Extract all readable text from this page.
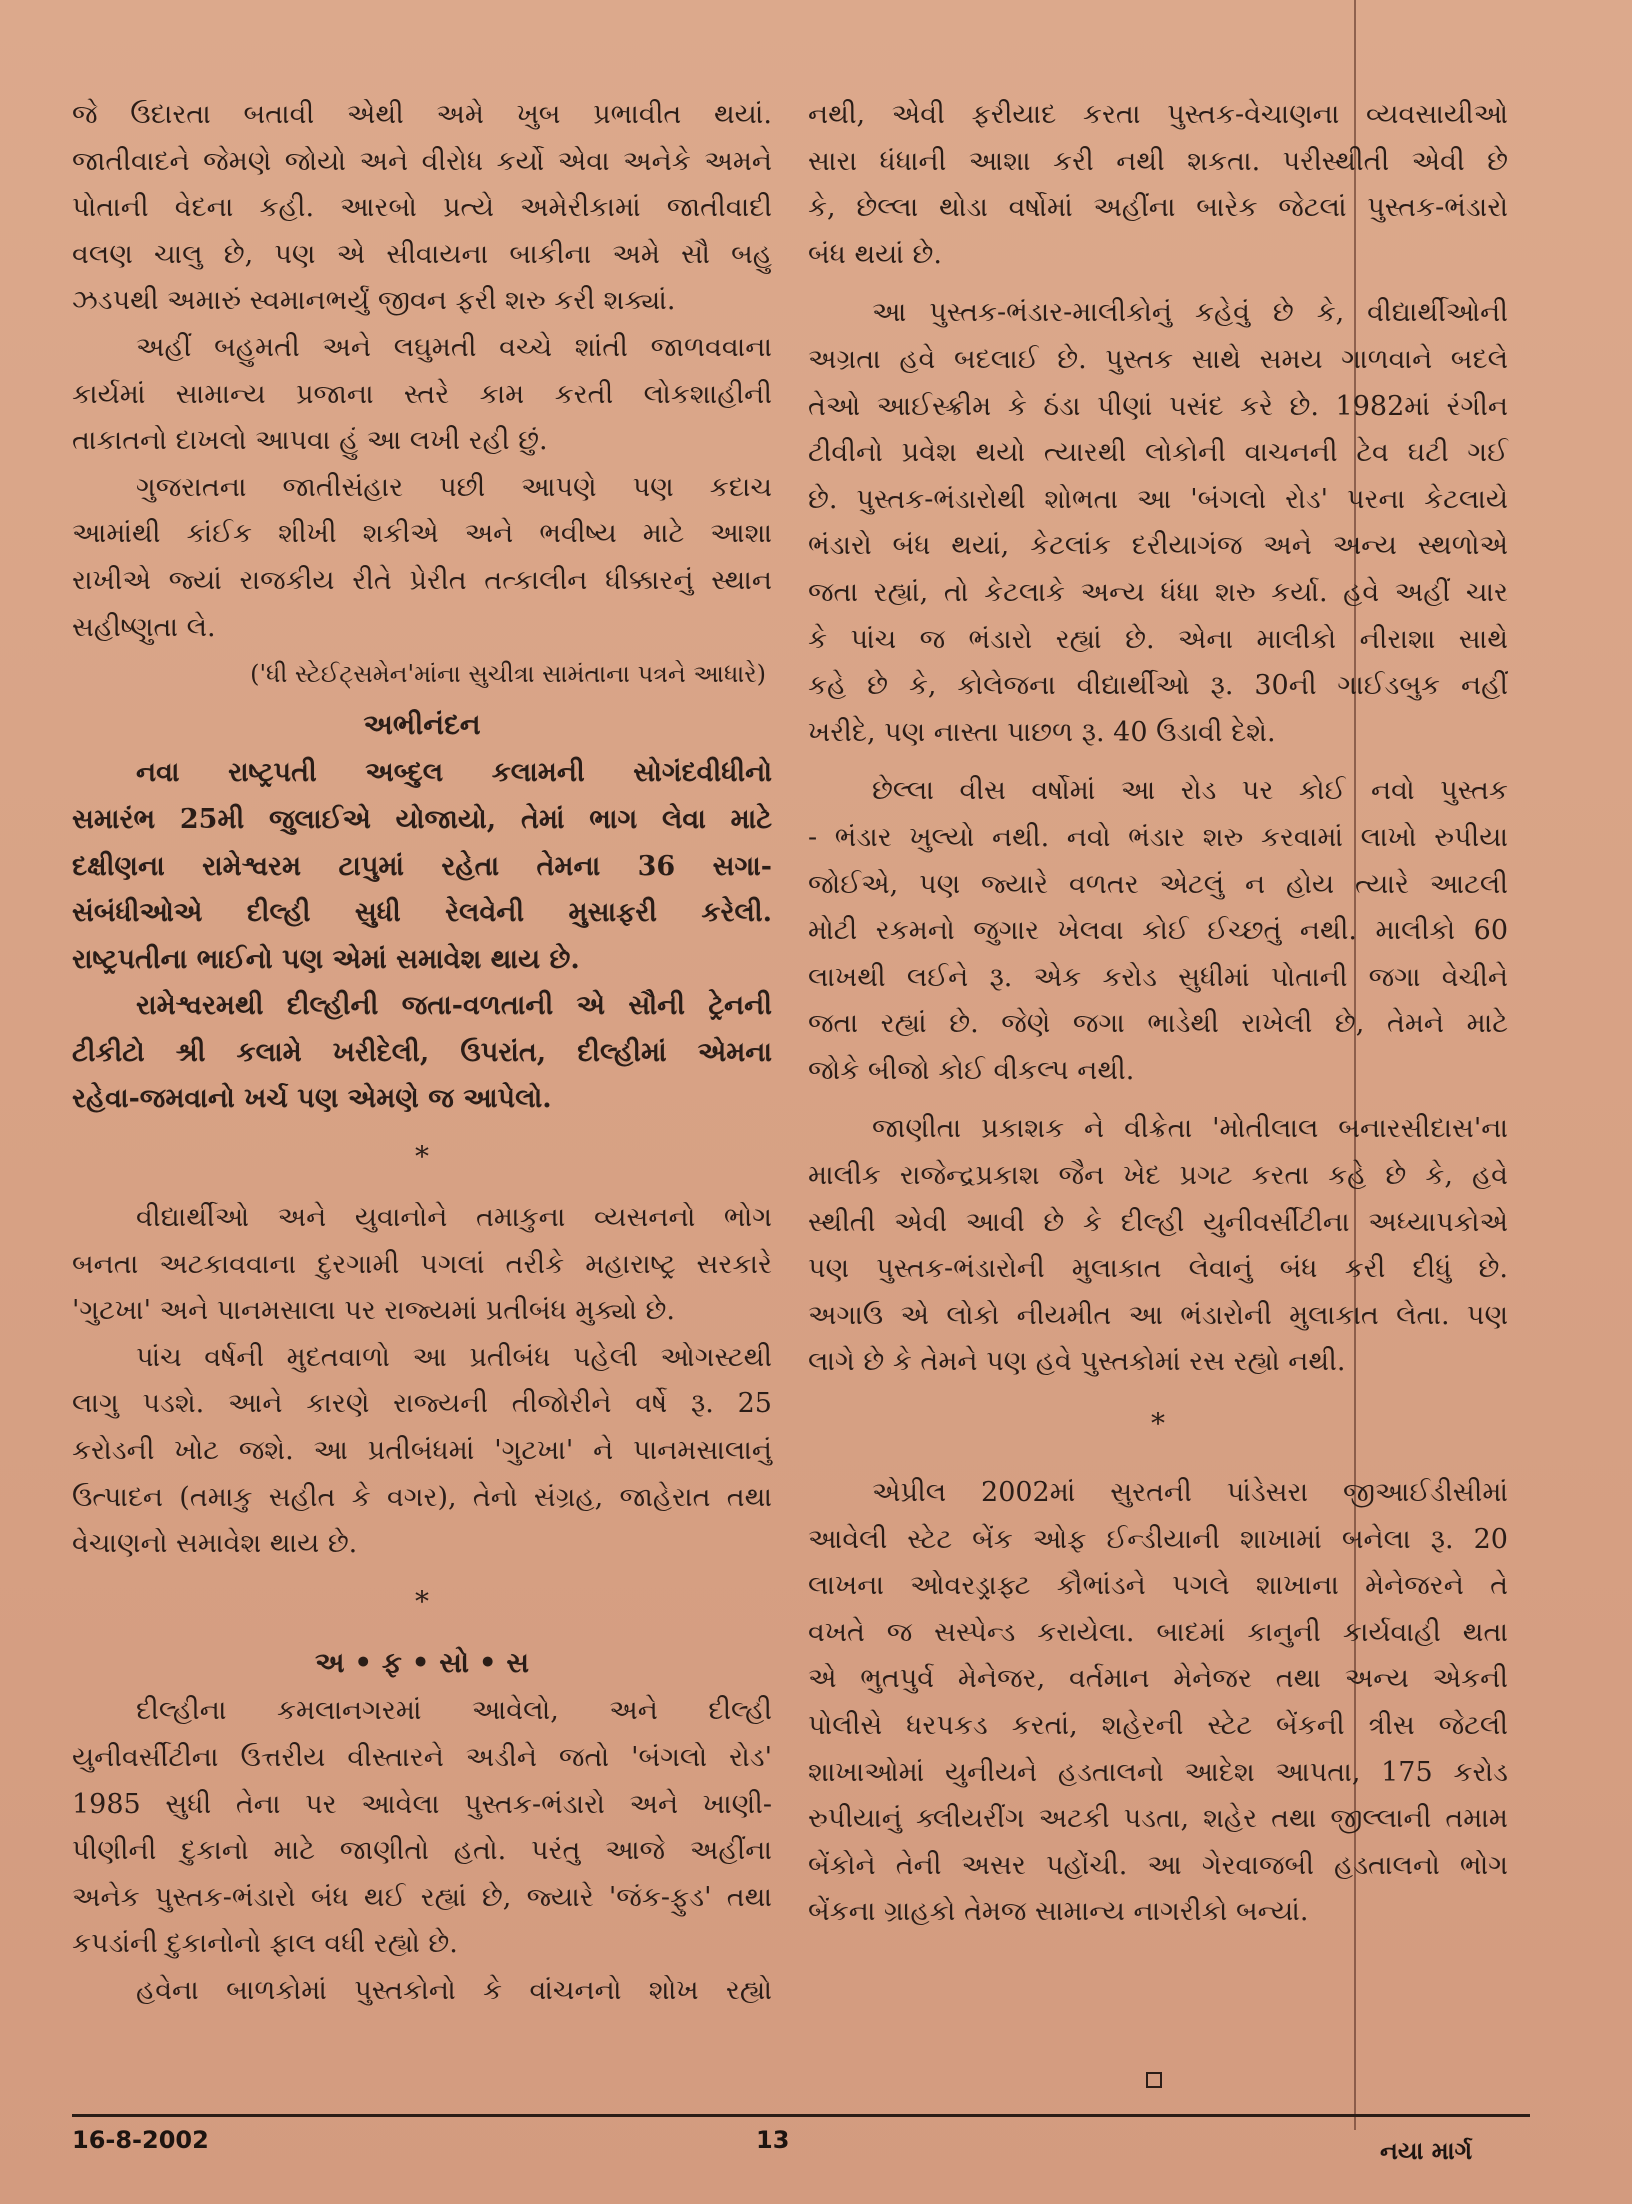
જે ઉદારતા બતાવી એથી અમે ખુબ પ્રભાવીત થયાં.

જાતીવાદને જેમણે જોયો અને વીરોધ કર્યો એવા અનેકે અમને

પોતાની વેદના કહી. આરબો પ્રત્યે અમેરીકામાં જાતીવાદી

વલણ ચાલુ છે, પણ એ સીવાયના બાકીના અમે સૌ બહુ

ઝડપથી અમારું સ્વમાનભર્યું જીવન ફરી શરુ કરી શક્યાં.

અહીં બહુમતી અને લઘુમતી વચ્ચે શાંતી જાળવવાના

કાર્યમાં સામાન્ય પ્રજાના સ્તરે કામ કરતી લોકશાહીની

તાકાતનો દાખલો આપવા હું આ લખી રહી છું.

ગુજરાતના જાતીસંહાર પછી આપણે પણ કદાચ

આમાંથી કાંઈક શીખી શકીએ અને ભવીષ્ય માટે આશા

રાખીએ જ્યાં રાજકીય રીતે પ્રેરીત તત્કાલીન ધીક્કારનું સ્થાન

સહીષ્ણુતા લે.

('ધી સ્ટેઈટ્સમેન'માંના સુચીત્રા સામંતાના પત્રને આધારે)

અભીનંદન

નવા રાષ્ટ્રપતી અબ્દુલ કલામની સોગંદવીધીનો

સમારંભ 25મી જુલાઈએ યોજાયો, તેમાં ભાગ લેવા માટે

દક્ષીણના રામેશ્વરમ ટાપુમાં રહેતા તેમના 36 સગા-

સંબંધીઓએ દીલ્હી સુધી રેલવેની મુસાફરી કરેલી.

રાષ્ટ્રપતીના ભાઈનો પણ એમાં સમાવેશ થાય છે.

રામેશ્વરમથી દીલ્હીની જતા-વળતાની એ સૌની ટ્રેનની

ટીકીટો શ્રી કલામે ખરીદેલી, ઉપરાંત, દીલ્હીમાં એમના

રહેવા-જમવાનો ખર્ચ પણ એમણે જ આપેલો.

*

વીદ્યાર્થીઓ અને યુવાનોને તમાકુના વ્યસનનો ભોગ

બનતા અટકાવવાના દુરગામી પગલાં તરીકે મહારાષ્ટ્ર સરકારે

'ગુટખા' અને પાનમસાલા પર રાજ્યમાં પ્રતીબંધ મુક્યો છે.

પાંચ વર્ષની મુદતવાળો આ પ્રતીબંધ પહેલી ઓગસ્ટથી

લાગુ પડશે. આને કારણે રાજ્યની તીજોરીને વર્ષે રૂ. 25

કરોડની ખોટ જશે. આ પ્રતીબંધમાં 'ગુટખા' ને પાનમસાલાનું

ઉત્પાદન (તમાકુ સહીત કે વગર), તેનો સંગ્રહ, જાહેરાત તથા

વેચાણનો સમાવેશ થાય છે.

*

અ • ફ • સો • સ

દીલ્હીના કમલાનગરમાં આવેલો, અને દીલ્હી

યુનીવર્સીટીના ઉત્તરીય વીસ્તારને અડીને જતો 'બંગલો રોડ'

1985 સુધી તેના પર આવેલા પુસ્તક-ભંડારો અને ખાણી-

પીણીની દુકાનો માટે જાણીતો હતો. પરંતુ આજે અહીંના

અનેક પુસ્તક-ભંડારો બંધ થઈ રહ્યાં છે, જ્યારે 'જંક-ફુડ' તથા

કપડાંની દુકાનોનો ફાલ વધી રહ્યો છે.

હવેના બાળકોમાં પુસ્તકોનો કે વાંચનનો શોખ રહ્યો

નથી, એવી ફરીયાદ કરતા પુસ્તક-વેચાણના વ્યવસાયીઓ

સારા ધંધાની આશા કરી નથી શકતા. પરીસ્થીતી એવી છે

કે, છેલ્લા થોડા વર્ષોમાં અહીંના બારેક જેટલાં પુસ્તક-ભંડારો

બંધ થયાં છે.

આ પુસ્તક-ભંડાર-માલીકોનું કહેવું છે કે, વીદ્યાર્થીઓની

અગ્રતા હવે બદલાઈ છે. પુસ્તક સાથે સમય ગાળવાને બદલે

તેઓ આઈસ્ક્રીમ કે ઠંડા પીણાં પસંદ કરે છે. 1982માં રંગીન

ટીવીનો પ્રવેશ થયો ત્યારથી લોકોની વાચનની ટેવ ઘટી ગઈ

છે. પુસ્તક-ભંડારોથી શોભતા આ 'બંગલો રોડ' પરના કેટલાયે

ભંડારો બંધ થયાં, કેટલાંક દરીયાગંજ અને અન્ય સ્થળોએ

જતા રહ્યાં, તો કેટલાકે અન્ય ધંધા શરુ કર્યા. હવે અહીં ચાર

કે પાંચ જ ભંડારો રહ્યાં છે. એના માલીકો નીરાશા સાથે

કહે છે કે, કોલેજના વીદ્યાર્થીઓ રૂ. 30ની ગાઈડબુક નહીં

ખરીદે, પણ નાસ્તા પાછળ રૂ. 40 ઉડાવી દેશે.

છેલ્લા વીસ વર્ષોમાં આ રોડ પર કોઈ નવો પુસ્તક

- ભંડાર ખુલ્યો નથી. નવો ભંડાર શરુ કરવામાં લાખો રુપીયા

જોઈએ, પણ જ્યારે વળતર એટલું ન હોય ત્યારે આટલી

મોટી રકમનો જુગાર ખેલવા કોઈ ઈચ્છતું નથી. માલીકો 60

લાખથી લઈને રૂ. એક કરોડ સુધીમાં પોતાની જગા વેચીને

જતા રહ્યાં છે. જેણે જગા ભાડેથી રાખેલી છે, તેમને માટે

જોકે બીજો કોઈ વીકલ્પ નથી.

જાણીતા પ્રકાશક ને વીક્રેતા 'મોતીલાલ બનારસીદાસ'ના

માલીક રાજેન્દ્રપ્રકાશ જૈન ખેદ પ્રગટ કરતા કહે છે કે, હવે

સ્થીતી એવી આવી છે કે દીલ્હી યુનીવર્સીટીના અધ્યાપકોએ

પણ પુસ્તક-ભંડારોની મુલાકાત લેવાનું બંધ કરી દીધું છે.

અગાઉ એ લોકો નીયમીત આ ભંડારોની મુલાકાત લેતા. પણ

લાગે છે કે તેમને પણ હવે પુસ્તકોમાં રસ રહ્યો નથી.

*

એપ્રીલ 2002માં સુરતની પાંડેસરા જીઆઈડીસીમાં

આવેલી સ્ટેટ બેંક ઓફ ઈન્ડીયાની શાખામાં બનેલા રૂ. 20

લાખના ઓવરડ્રાફ્ટ કૌભાંડને પગલે શાખાના મેનેજરને તે

વખતે જ સસ્પેન્ડ કરાયેલા. બાદમાં કાનુની કાર્યવાહી થતા

એ ભુતપુર્વ મેનેજર, વર્તમાન મેનેજર તથા અન્ય એકની

પોલીસે ધરપકડ કરતાં, શહેરની સ્ટેટ બેંકની ત્રીસ જેટલી

શાખાઓમાં યુનીયને હડતાલનો આદેશ આપતા, 175 કરોડ

રુપીયાનું ક્લીયરીંગ અટકી પડતા, શહેર તથા જીલ્લાની તમામ

બેંકોને તેની અસર પહોંચી. આ ગેરવાજબી હડતાલનો ભોગ

બેંકના ગ્રાહકો તેમજ સામાન્ય નાગરીકો બન્યાં.

16-8-2002	13	નયા માર્ગ
